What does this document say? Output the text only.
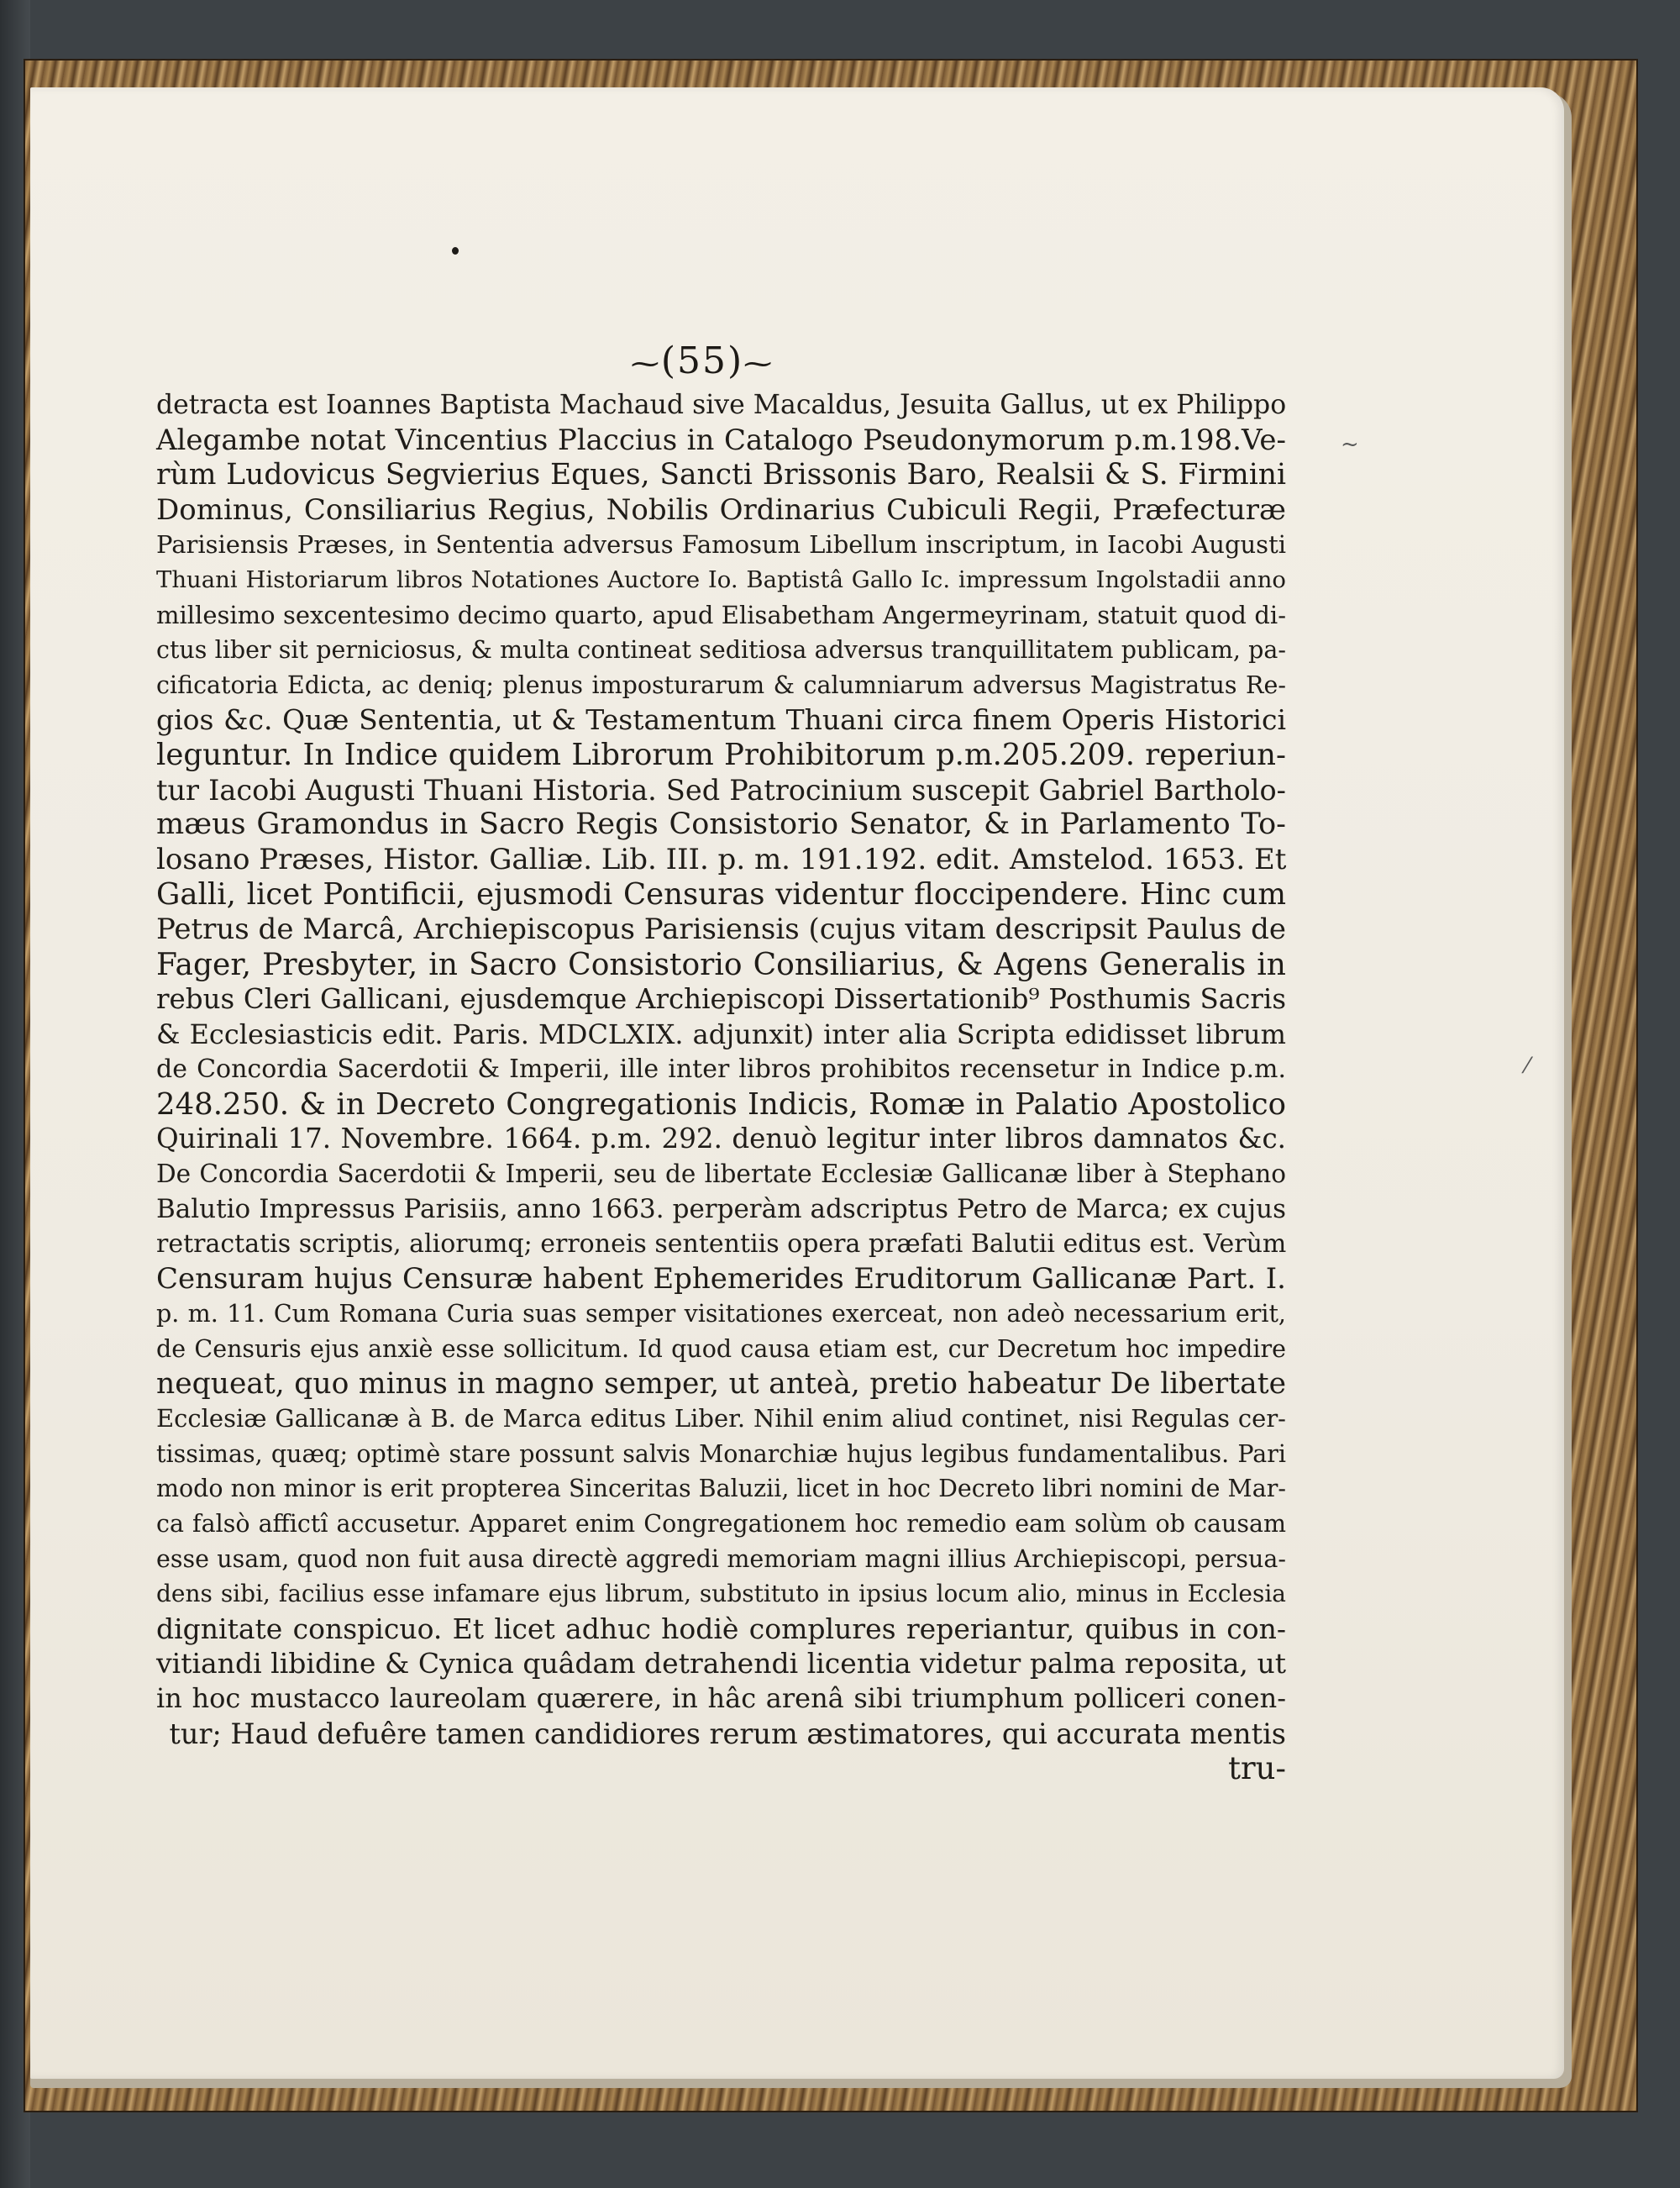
⁓(55)⁓
detracta est Ioannes Baptista Machaud sive Macaldus, Jesuita Gallus, ut ex Philippo
Alegambe notat Vincentius Placcius in Catalogo Pseudonymorum p.m.198.Ve-
rùm Ludovicus Segvierius Eques, Sancti Brissonis Baro, Realsii & S. Firmini
Dominus, Consiliarius Regius, Nobilis Ordinarius Cubiculi Regii, Præfecturæ
Parisiensis Præses, in Sententia adversus Famosum Libellum inscriptum, in Iacobi Augusti
Thuani Historiarum libros Notationes Auctore Io. Baptistâ Gallo Ic. impressum Ingolstadii anno
millesimo sexcentesimo decimo quarto, apud Elisabetham Angermeyrinam, statuit quod di-
ctus liber sit perniciosus, & multa contineat seditiosa adversus tranquillitatem publicam, pa-
cificatoria Edicta, ac deniq; plenus imposturarum & calumniarum adversus Magistratus Re-
gios &c. Quæ Sententia, ut & Testamentum Thuani circa finem Operis Historici
leguntur. In Indice quidem Librorum Prohibitorum p.m.205.209. reperiun-
tur Iacobi Augusti Thuani Historia. Sed Patrocinium suscepit Gabriel Bartholo-
mæus Gramondus in Sacro Regis Consistorio Senator, & in Parlamento To-
losano Præses, Histor. Galliæ. Lib. III. p. m. 191.192. edit. Amstelod. 1653. Et
Galli, licet Pontificii, ejusmodi Censuras videntur floccipendere. Hinc cum
Petrus de Marcâ, Archiepiscopus Parisiensis (cujus vitam descripsit Paulus de
Fager, Presbyter, in Sacro Consistorio Consiliarius, & Agens Generalis in
rebus Cleri Gallicani, ejusdemque Archiepiscopi Dissertationib⁹ Posthumis Sacris
& Ecclesiasticis edit. Paris. MDCLXIX. adjunxit) inter alia Scripta edidisset librum
de Concordia Sacerdotii & Imperii, ille inter libros prohibitos recensetur in Indice p.m.
248.250. & in Decreto Congregationis Indicis, Romæ in Palatio Apostolico
Quirinali 17. Novembre. 1664. p.m. 292. denuò legitur inter libros damnatos &c.
De Concordia Sacerdotii & Imperii, seu de libertate Ecclesiæ Gallicanæ liber à Stephano
Balutio Impressus Parisiis, anno 1663. perperàm adscriptus Petro de Marca; ex cujus
retractatis scriptis, aliorumq; erroneis sententiis opera præfati Balutii editus est. Verùm
Censuram hujus Censuræ habent Ephemerides Eruditorum Gallicanæ Part. I.
p. m. 11. Cum Romana Curia suas semper visitationes exerceat, non adeò necessarium erit,
de Censuris ejus anxiè esse sollicitum. Id quod causa etiam est, cur Decretum hoc impedire
nequeat, quo minus in magno semper, ut anteà, pretio habeatur De libertate
Ecclesiæ Gallicanæ à B. de Marca editus Liber. Nihil enim aliud continet, nisi Regulas cer-
tissimas, quæq; optimè stare possunt salvis Monarchiæ hujus legibus fundamentalibus. Pari
modo non minor is erit propterea Sinceritas Baluzii, licet in hoc Decreto libri nomini de Mar-
ca falsò affictî accusetur. Apparet enim Congregationem hoc remedio eam solùm ob causam
esse usam, quod non fuit ausa directè aggredi memoriam magni illius Archiepiscopi, persua-
dens sibi, facilius esse infamare ejus librum, substituto in ipsius locum alio, minus in Ecclesia
dignitate conspicuo. Et licet adhuc hodiè complures reperiantur, quibus in con-
vitiandi libidine & Cynica quâdam detrahendi licentia videtur palma reposita, ut
in hoc mustacco laureolam quærere, in hâc arenâ sibi triumphum polliceri conen-
tur; Haud defuêre tamen candidiores rerum æstimatores, qui accurata mentis
tru-
~
⁄
